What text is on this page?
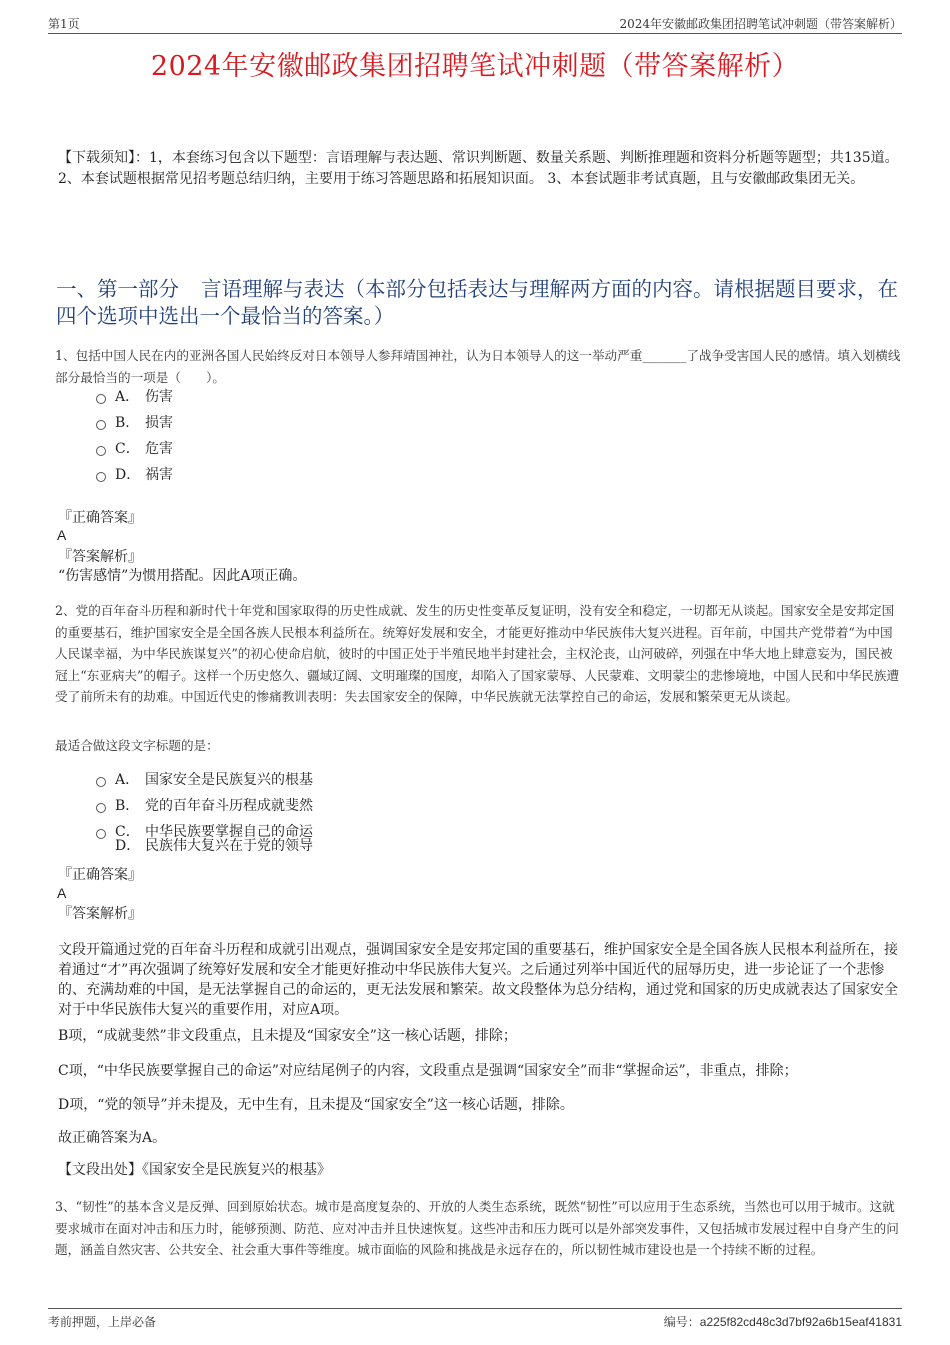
第1页	2024年安徽邮政集团招聘笔试冲刺题（带答案解析）
2024年安徽邮政集团招聘笔试冲刺题（带答案解析）
【下载须知】：1，本套练习包含以下题型：言语理解与表达题、常识判断题、数量关系题、判断推理题和资料分析题等题型；共135道。 2、本套试题根据常见招考题总结归纳，主要用于练习答题思路和拓展知识面。 3、本套试题非考试真题，且与安徽邮政集团无关。
一、第一部分 言语理解与表达（本部分包括表达与理解两方面的内容。请根据题目要求，在四个选项中选出一个最恰当的答案。）
1、包括中国人民在内的亚洲各国人民始终反对日本领导人参拜靖国神社，认为日本领导人的这一举动严重_______了战争受害国人民的感情。填入划横线部分最恰当的一项是（　　）。
A． 伤害
B． 损害
C． 危害
D． 祸害
『正确答案』
A
『答案解析』
“伤害感情”为惯用搭配。因此A项正确。
2、党的百年奋斗历程和新时代十年党和国家取得的历史性成就、发生的历史性变革反复证明，没有安全和稳定，一切都无从谈起。国家安全是安邦定国的重要基石，维护国家安全是全国各族人民根本利益所在。统筹好发展和安全，才能更好推动中华民族伟大复兴进程。百年前，中国共产党带着“为中国人民谋幸福，为中华民族谋复兴”的初心使命启航，彼时的中国正处于半殖民地半封建社会，主权沦丧，山河破碎，列强在中华大地上肆意妄为，国民被冠上“东亚病夫”的帽子。这样一个历史悠久、疆域辽阔、文明璀璨的国度，却陷入了国家蒙辱、人民蒙难、文明蒙尘的悲惨境地，中国人民和中华民族遭受了前所未有的劫难。中国近代史的惨痛教训表明：失去国家安全的保障，中华民族就无法掌控自己的命运，发展和繁荣更无从谈起。
最适合做这段文字标题的是：
A． 国家安全是民族复兴的根基
B． 党的百年奋斗历程成就斐然
C． 中华民族要掌握自己的命运
D． 民族伟大复兴在于党的领导
『正确答案』
A
『答案解析』
文段开篇通过党的百年奋斗历程和成就引出观点，强调国家安全是安邦定国的重要基石，维护国家安全是全国各族人民根本利益所在，接着通过“才”再次强调了统筹好发展和安全才能更好推动中华民族伟大复兴。之后通过列举中国近代的屈辱历史，进一步论证了一个悲惨的、充满劫难的中国，是无法掌握自己的命运的，更无法发展和繁荣。故文段整体为总分结构，通过党和国家的历史成就表达了国家安全对于中华民族伟大复兴的重要作用，对应A项。
B项，“成就斐然”非文段重点，且未提及“国家安全”这一核心话题，排除；
C项，“中华民族要掌握自己的命运”对应结尾例子的内容，文段重点是强调“国家安全”而非“掌握命运”，非重点，排除；
D项，“党的领导”并未提及，无中生有，且未提及“国家安全”这一核心话题，排除。
故正确答案为A。
【文段出处】《国家安全是民族复兴的根基》
3、“韧性”的基本含义是反弹、回到原始状态。城市是高度复杂的、开放的人类生态系统，既然“韧性”可以应用于生态系统，当然也可以用于城市。这就要求城市在面对冲击和压力时，能够预测、防范、应对冲击并且快速恢复。这些冲击和压力既可以是外部突发事件，又包括城市发展过程中自身产生的问题，涵盖自然灾害、公共安全、社会重大事件等维度。城市面临的风险和挑战是永远存在的，所以韧性城市建设也是一个持续不断的过程。
考前押题，上岸必备	编号：a225f82cd48c3d7bf92a6b15eaf41831
